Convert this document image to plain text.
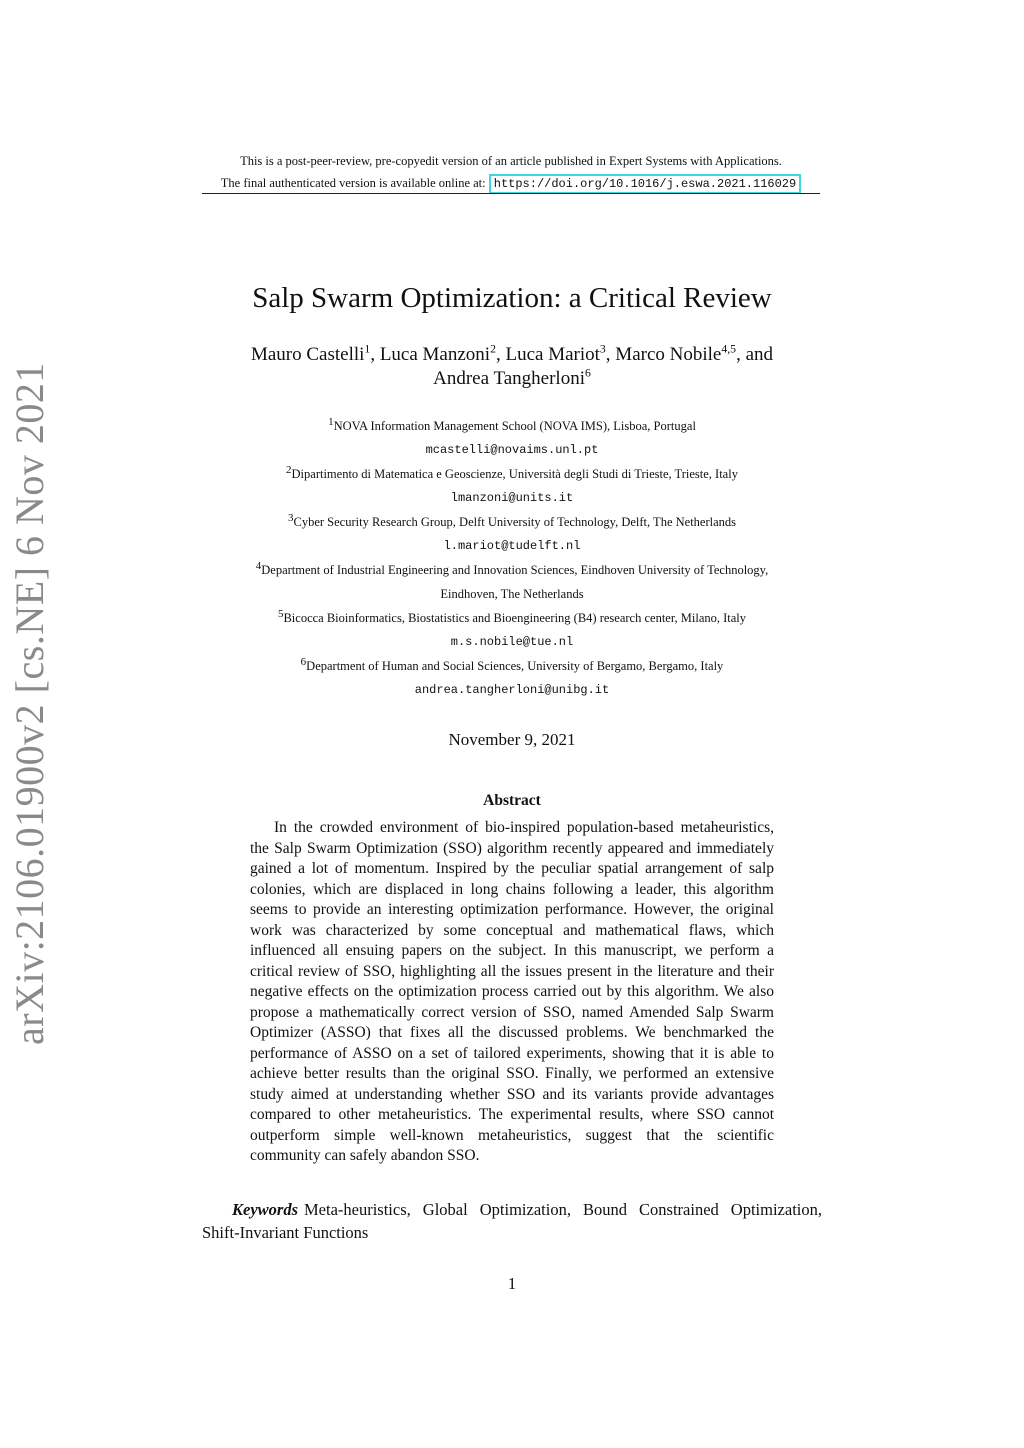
This is a post-peer-review, pre-copyedit version of an article published in Expert Systems with Applications.
The final authenticated version is available online at: https://doi.org/10.1016/j.eswa.2021.116029
arXiv:2106.01900v2 [cs.NE] 6 Nov 2021
Salp Swarm Optimization: a Critical Review
Mauro Castelli$^1$, Luca Manzoni$^2$, Luca Mariot$^3$, Marco Nobile$^{4,5}$, and
Andrea Tangherloni$^6$
$^1$NOVA Information Management School (NOVA IMS), Lisboa, Portugal
mcastelli@novaims.unl.pt
$^2$Dipartimento di Matematica e Geoscienze, Università degli Studi di Trieste, Trieste, Italy
lmanzoni@units.it
$^3$Cyber Security Research Group, Delft University of Technology, Delft, The Netherlands
l.mariot@tudelft.nl
$^4$Department of Industrial Engineering and Innovation Sciences, Eindhoven University of Technology,
Eindhoven, The Netherlands
$^5$Bicocca Bioinformatics, Biostatistics and Bioengineering (B4) research center, Milano, Italy
m.s.nobile@tue.nl
$^6$Department of Human and Social Sciences, University of Bergamo, Bergamo, Italy
andrea.tangherloni@unibg.it
November 9, 2021
Abstract
In the crowded environment of bio-inspired population-based metaheuristics, the Salp Swarm Optimization (SSO) algorithm recently appeared and immediately gained a lot of momentum. Inspired by the peculiar spatial arrangement of salp colonies, which are displaced in long chains following a leader, this algorithm seems to provide an interesting optimization performance. However, the original work was characterized by some conceptual and mathematical flaws, which influenced all ensuing papers on the subject. In this manuscript, we perform a critical review of SSO, highlighting all the issues present in the literature and their negative effects on the optimization process carried out by this algorithm. We also propose a mathematically correct version of SSO, named Amended Salp Swarm Optimizer (ASSO) that fixes all the discussed problems. We benchmarked the performance of ASSO on a set of tailored experiments, showing that it is able to achieve better results than the original SSO. Finally, we performed an extensive study aimed at understanding whether SSO and its variants provide advantages compared to other metaheuristics. The experimental results, where SSO cannot outperform simple well-known metaheuristics, suggest that the scientific community can safely abandon SSO.
Keywords Meta-heuristics, Global Optimization, Bound Constrained Optimization, Shift-Invariant Functions
1
